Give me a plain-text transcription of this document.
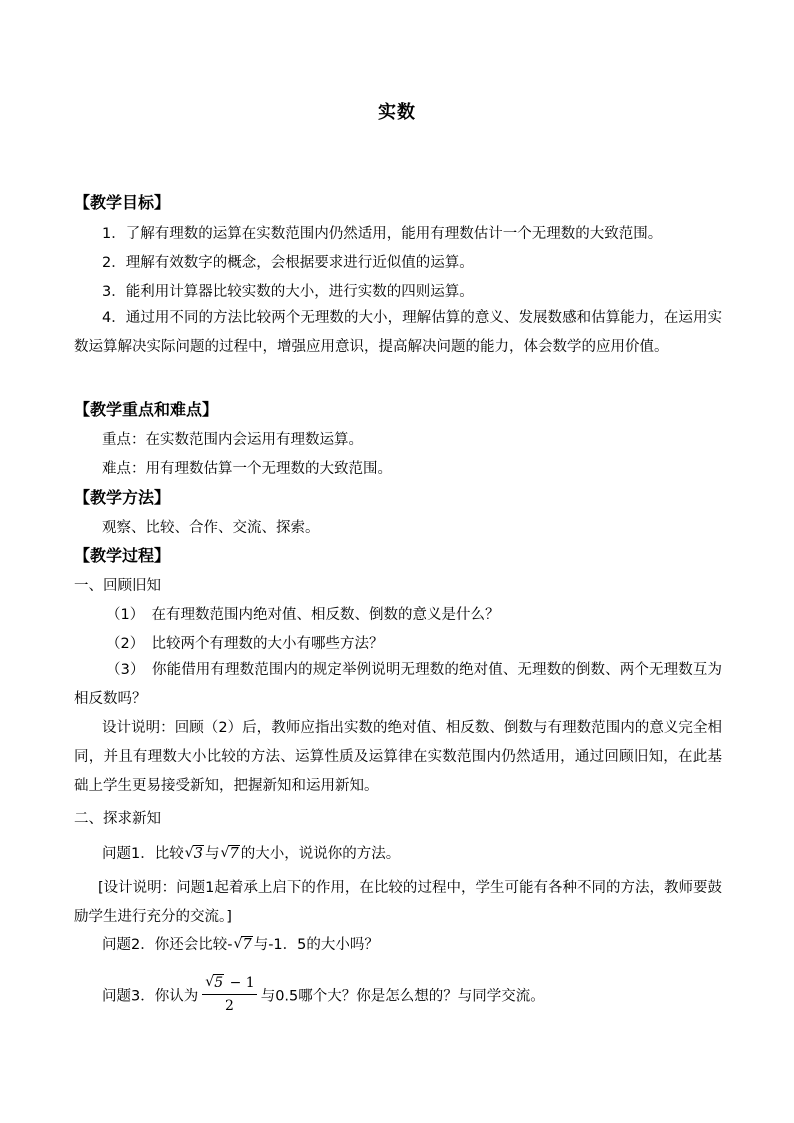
实数
【教学目标】
1．了解有理数的运算在实数范围内仍然适用，能用有理数估计一个无理数的大致范围。
2．理解有效数字的概念，会根据要求进行近似值的运算。
3．能利用计算器比较实数的大小，进行实数的四则运算。
4．通过用不同的方法比较两个无理数的大小，理解估算的意义、发展数感和估算能力，在运用实数运算解决实际问题的过程中，增强应用意识，提高解决问题的能力，体会数学的应用价值。
【教学重点和难点】
重点：在实数范围内会运用有理数运算。
难点：用有理数估算一个无理数的大致范围。
【教学方法】
观察、比较、合作、交流、探索。
【教学过程】
一、回顾旧知
（1）　在有理数范围内绝对值、相反数、倒数的意义是什么？
（2）　比较两个有理数的大小有哪些方法？
（3）　你能借用有理数范围内的规定举例说明无理数的绝对值、无理数的倒数、两个无理数互为相反数吗？
设计说明：回顾（2）后，教师应指出实数的绝对值、相反数、倒数与有理数范围内的意义完全相同，并且有理数大小比较的方法、运算性质及运算律在实数范围内仍然适用，通过回顾旧知，在此基础上学生更易接受新知，把握新知和运用新知。
二、探求新知
问题1．比较 √ 3 与 √ 7 的大小，说说你的方法。
[设计说明：问题1起着承上启下的作用，在比较的过程中，学生可能有各种不同的方法，教师要鼓励学生进行充分的交流。]
问题2．你还会比较- √ 7 与-1．5的大小吗？
问题3．你认为 $\frac{√ 5 - 1}{2}$ 与0.5哪个大？你是怎么想的？与同学交流。
